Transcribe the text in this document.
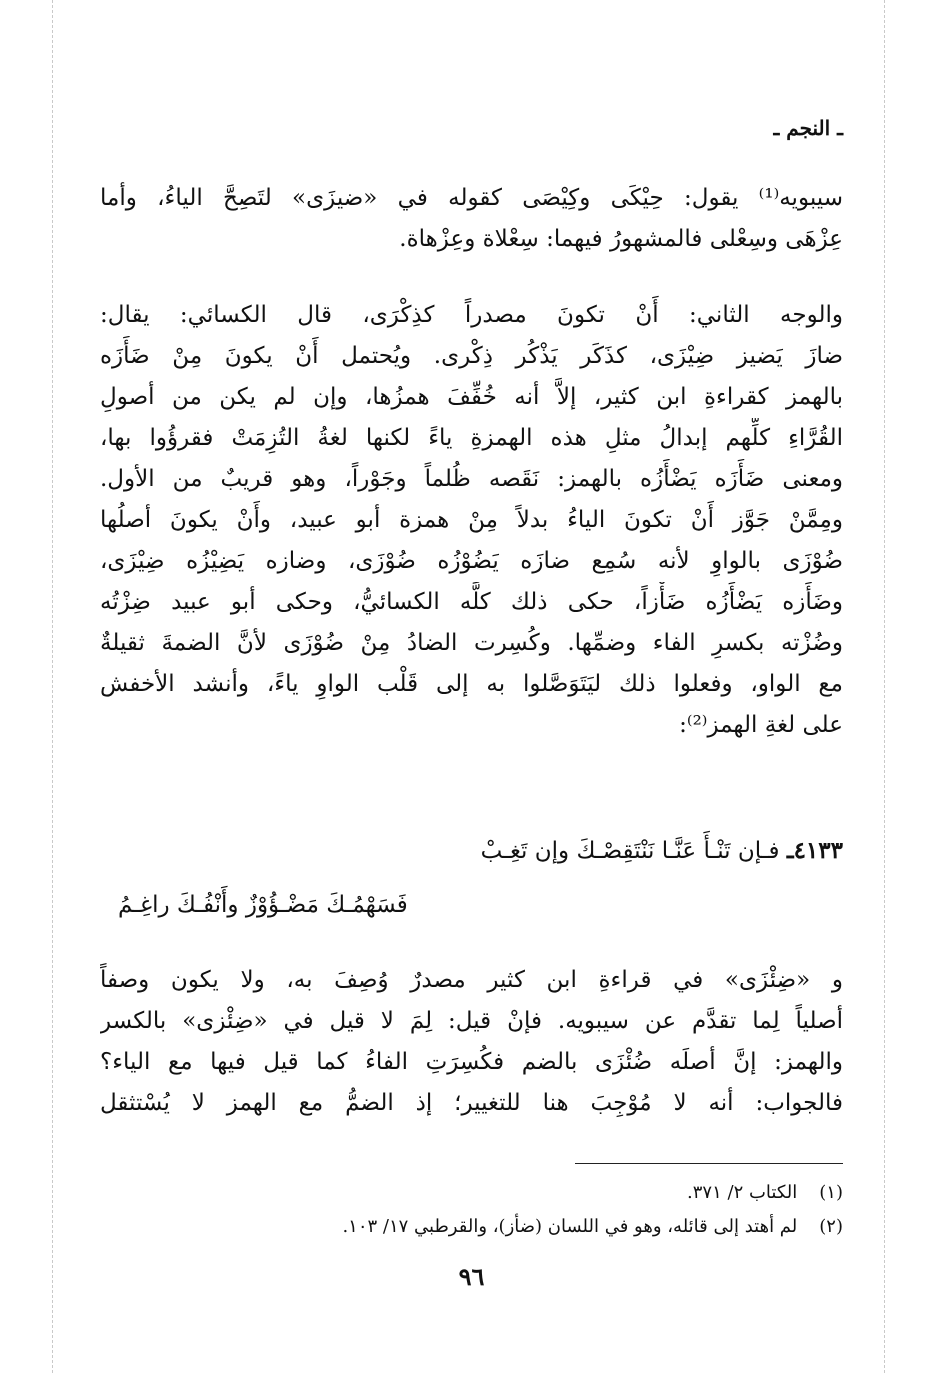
ـ النجم ـ
سيبويه⁽¹⁾ يقول: حِيْكَى وكِيْصَى كقوله في «ضيزَى» لتَصِحَّ الياءُ، وأما
عِزْهَى وسِعْلى فالمشهورُ فيهما: سِعْلاة وعِزْهاة.
والوجه الثاني: أَنْ تكونَ مصدراً كذِكْرَى، قال الكسائي: يقال:
ضازَ يَضيز ضِيْزَى، كذَكَر يَذْكُر ذِكْرى. ويُحتمل أَنْ يكونَ مِنْ ضَأَزَه
بالهمز كقراءةِ ابن كثير، إلاَّ أنه خُفِّفَ همزُها، وإن لم يكن من أصولِ
القُرَّاءِ كلِّهم إبدالُ مثلِ هذه الهمزةِ ياءً لكنها لغةُ التُزِمَتْ فقرؤُوا بها،
ومعنى ضَأَزَه يَضْأَزُه بالهمز: نَقَصه ظُلماً وجَوْراً، وهو قريبٌ من الأول.
ومِمَّنْ جَوَّز أَنْ تكونَ الياءُ بدلاً مِنْ همزة أبو عبيد، وأَنْ يكونَ أصلُها
ضُوْزَى بالواوِ لأنه سُمِع ضازَه يَضُوْزُه ضُوْزَى، وضازه يَضِيْزُه ضِيْزَى،
وضَأَزه يَضْأَزُه ضَأْزاً، حكى ذلك كلَّه الكسائيُّ، وحكى أبو عبيد ضِزْتُه
وضُزْته بكسرِ الفاء وضمِّها. وكُسِرت الضادُ مِنْ ضُوْزَى لأنَّ الضمةَ ثقيلةٌ
مع الواو، وفعلوا ذلك ليَتَوَصَّلوا به إلى قَلْب الواوِ ياءً، وأنشد الأخفش
على لغةِ الهمز⁽²⁾:
٤١٣٣ـ فـإن تَنْـأَ عَنَّـا نَنْتَقِصْـكَ وإن تَغِـبْ
فَسَهْمُـكَ مَضْـؤُوْزٌ وأَنْفُـكَ راغِـمُ
و «ضِئْزَى» في قراءةِ ابن كثير مصدرٌ وُصِفَ به، ولا يكون وصفاً
أصلياً لِما تقدَّم عن سيبويه. فإنْ قيل: لِمَ لا قيل في «ضِئْزى» بالكسر
والهمز: إنَّ أصلَه ضُئْزَى بالضم فكُسِرَتِ الفاءُ كما قيل فيها مع الياء؟
فالجواب: أنه لا مُوْجِبَ هنا للتغيير؛ إذ الضمُّ مع الهمز لا يُسْتثقل
(١)الكتاب ٢/ ٣٧١.
(٢)لم أهتد إلى قائله، وهو في اللسان (ضأز)، والقرطبي ١٧/ ١٠٣.
٩٦
